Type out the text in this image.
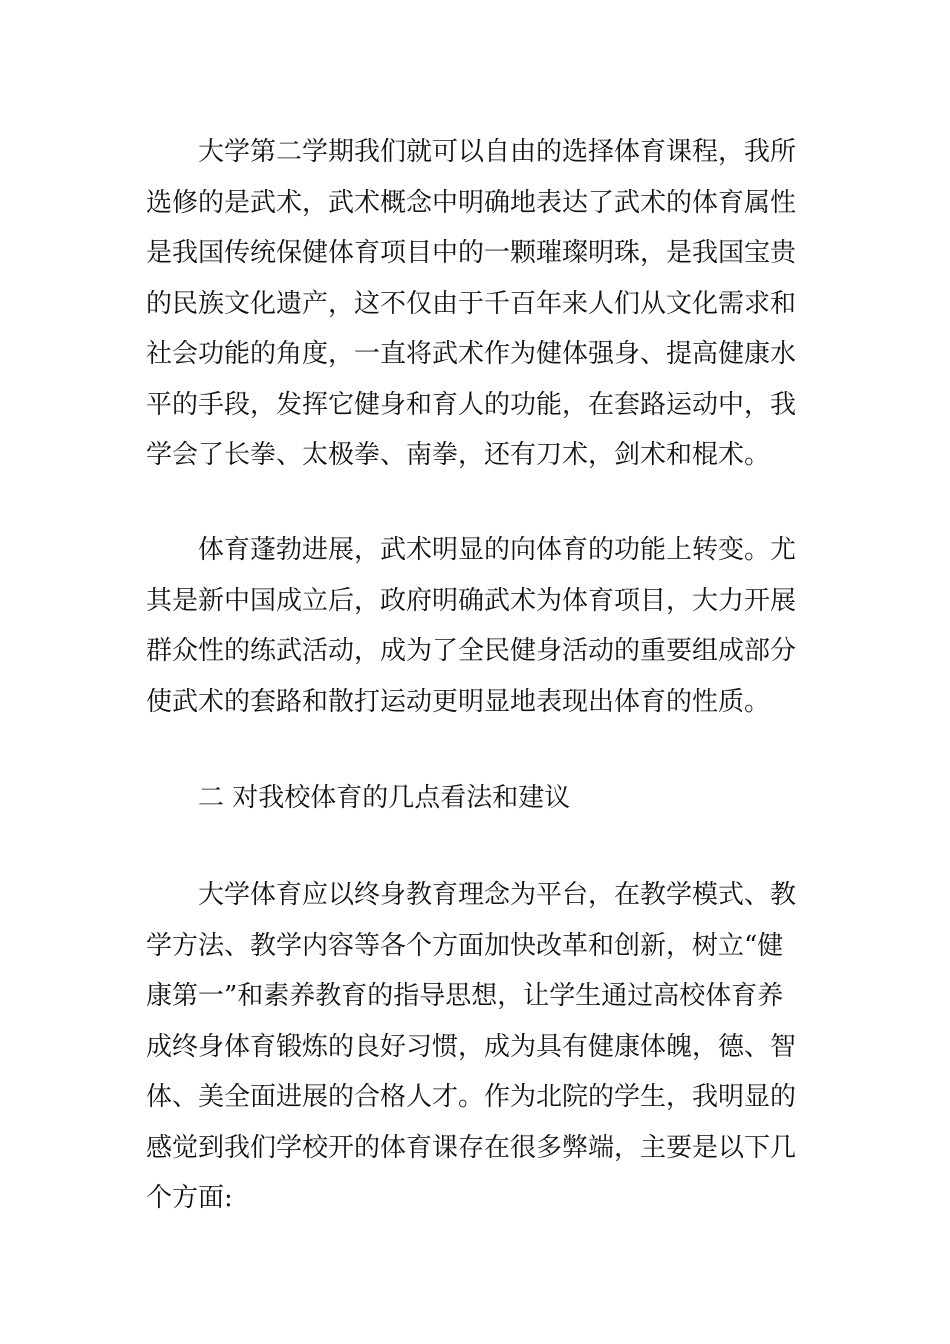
大学第二学期我们就可以自由的选择体育课程，我所
选修的是武术，武术概念中明确地表达了武术的体育属性
是我国传统保健体育项目中的一颗璀璨明珠，是我国宝贵
的民族文化遗产，这不仅由于千百年来人们从文化需求和
社会功能的角度，一直将武术作为健体强身、提高健康水
平的手段，发挥它健身和育人的功能，在套路运动中，我
学会了长拳、太极拳、南拳，还有刀术，剑术和棍术。
体育蓬勃进展，武术明显的向体育的功能上转变。尤
其是新中国成立后，政府明确武术为体育项目，大力开展
群众性的练武活动，成为了全民健身活动的重要组成部分
使武术的套路和散打运动更明显地表现出体育的性质。
二 对我校体育的几点看法和建议
大学体育应以终身教育理念为平台，在教学模式、教
学方法、教学内容等各个方面加快改革和创新，树立“健
康第一”和素养教育的指导思想，让学生通过高校体育养
成终身体育锻炼的良好习惯，成为具有健康体魄，德、智
体、美全面进展的合格人才。作为北院的学生，我明显的
感觉到我们学校开的体育课存在很多弊端，主要是以下几
个方面:
